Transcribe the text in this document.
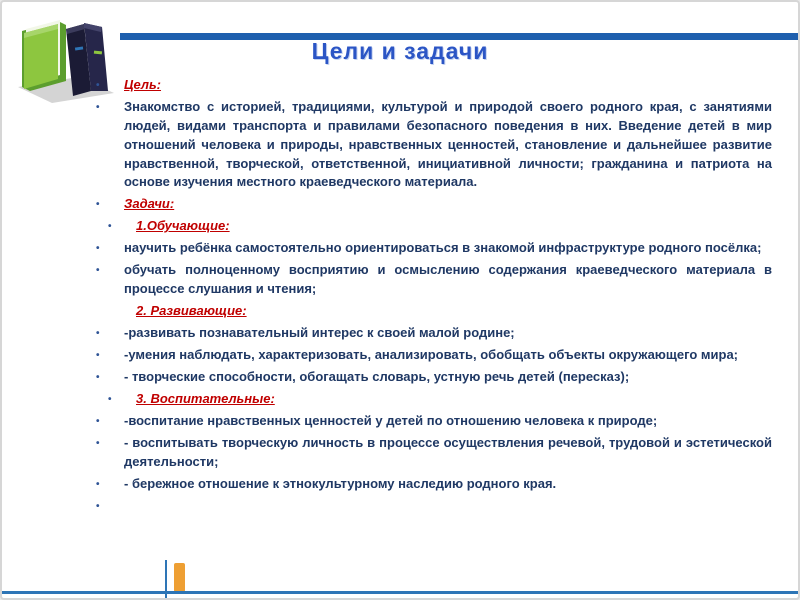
Цели и задачи
•	Цель:
•	Знакомство с историей, традициями, культурой и природой своего родного края, с занятиями людей, видами транспорта и правилами безопасного поведения в них. Введение детей в мир отношений человека и природы, нравственных ценностей, становление и дальнейшее развитие нравственной, творческой, ответственной, инициативной личности; гражданина и патриота на основе изучения местного краеведческого материала.
•	Задачи:
•	1.Обучающие:
•	научить ребёнка самостоятельно ориентироваться в знакомой инфраструктуре родного посёлка;
•	обучать полноценному восприятию и осмыслению содержания краеведческого материала в процессе слушания и чтения;
2. Развивающие:
•	-развивать познавательный интерес к своей малой родине;
•	-умения наблюдать, характеризовать, анализировать, обобщать объекты окружающего мира;
•	- творческие способности, обогащать словарь, устную речь детей (пересказ);
•	3. Воспитательные:
•	-воспитание нравственных ценностей у детей по отношению человека к природе;
•	- воспитывать творческую личность в процессе осуществления речевой, трудовой и эстетической деятельности;
•	- бережное отношение к этнокультурному наследию родного края.
•
